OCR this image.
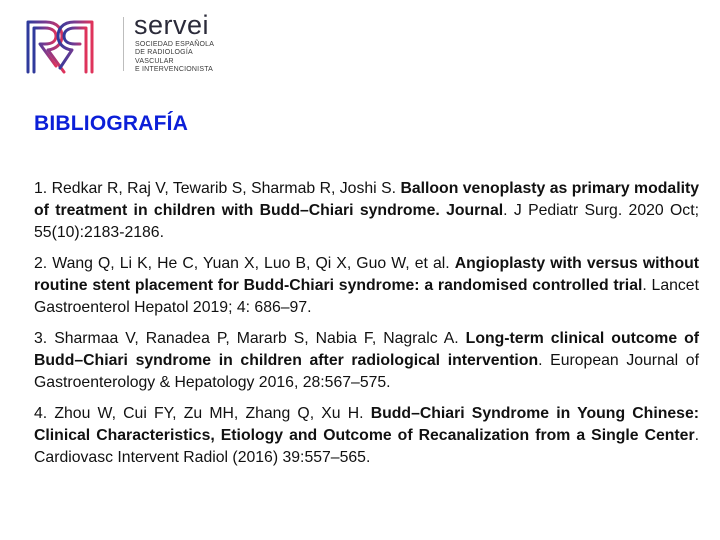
servei
SOCIEDAD ESPAÑOLA
DE RADIOLOGÍA
VASCULAR
E INTERVENCIONISTA
BIBLIOGRAFÍA

1. Redkar R, Raj V, Tewarib S, Sharmab R, Joshi S. Balloon venoplasty as primary modality of treatment in children with Budd–Chiari syndrome. Journal. J Pediatr Surg. 2020 Oct; 55(10):2183-2186.

2. Wang Q, Li K, He C, Yuan X, Luo B, Qi X, Guo W, et al. Angioplasty with versus without routine stent placement for Budd-Chiari syndrome: a randomised controlled trial. Lancet Gastroenterol Hepatol 2019; 4: 686–97.

3. Sharmaa V, Ranadea P, Mararb S, Nabia F, Nagralc A. Long-term clinical outcome of Budd–Chiari syndrome in children after radiological intervention. European Journal of Gastroenterology & Hepatology 2016, 28:567–575.

4. Zhou W, Cui FY, Zu MH, Zhang Q, Xu H. Budd–Chiari Syndrome in Young Chinese: Clinical Characteristics, Etiology and Outcome of Recanalization from a Single Center. Cardiovasc Intervent Radiol (2016) 39:557–565.
